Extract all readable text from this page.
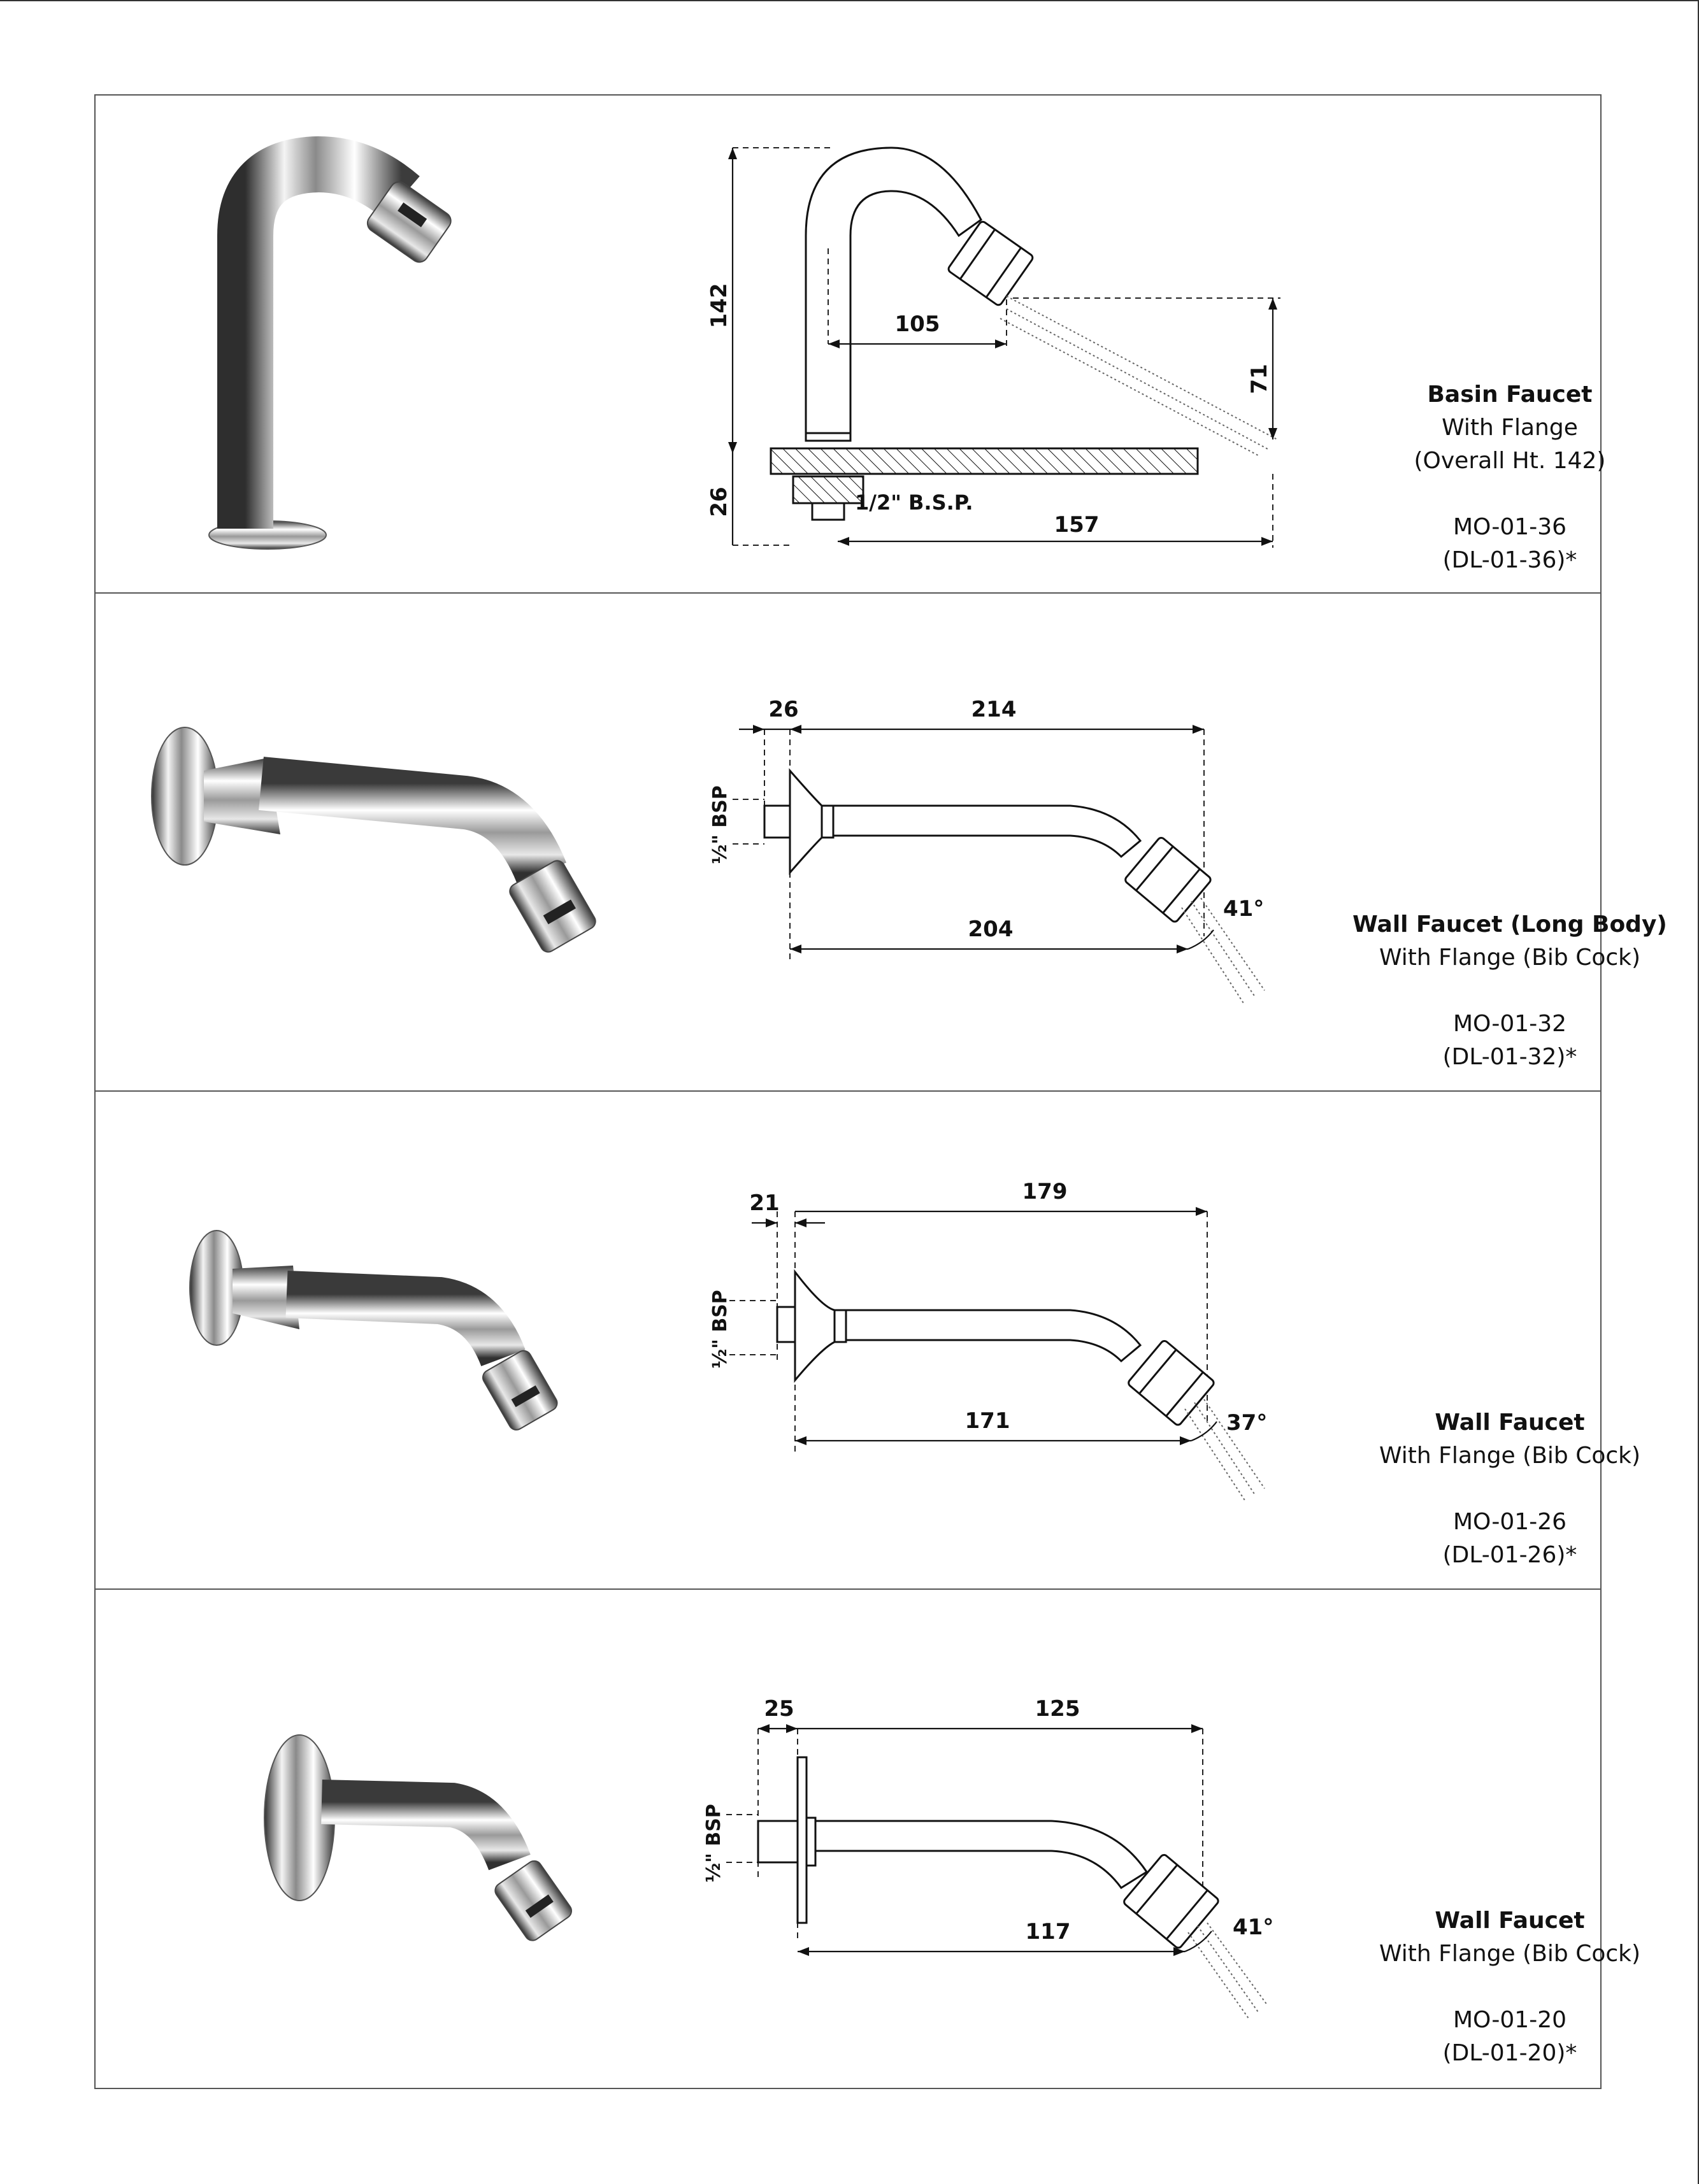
142
26
105
71
1/2" B.S.P.
157
Basin Faucet
With Flange
(Overall Ht. 142)
MO-01-36
(DL-01-36)*
26	214
½" BSP
204
41°
Wall Faucet (Long Body)
With Flange (Bib Cock)
MO-01-32
(DL-01-32)*
21	179
½" BSP
171	37°	Wall Faucet
With Flange (Bib Cock)
MO-01-26
(DL-01-26)*
25	125
½" BSP
117	41°	Wall Faucet
With Flange (Bib Cock)
MO-01-20
(DL-01-20)*
